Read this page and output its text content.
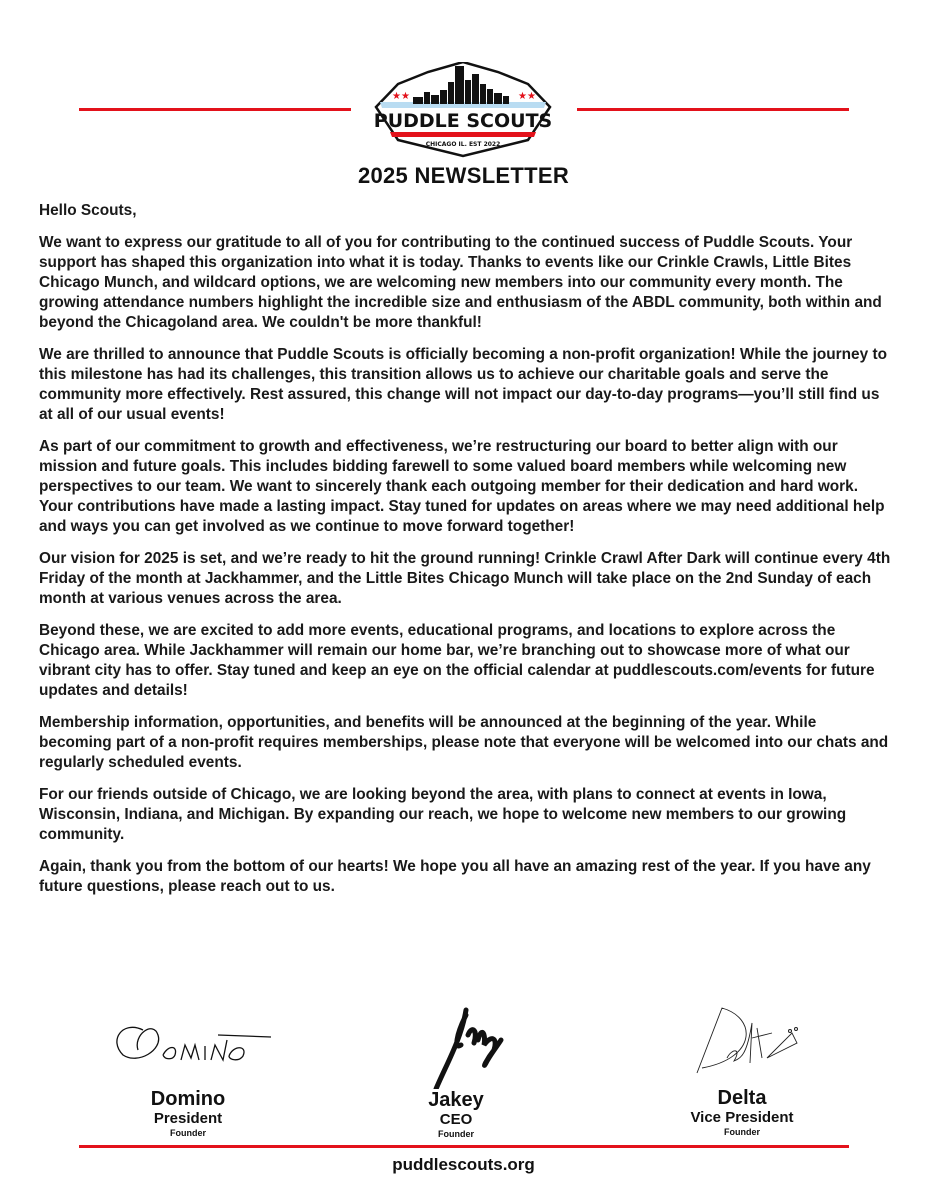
★★	★★
PUDDLE SCOUTS
CHICAGO IL. EST 2022
2025 NEWSLETTER

Hello Scouts,

We want to express our gratitude to all of you for contributing to the continued success of Puddle Scouts. Your support has shaped this organization into what it is today. Thanks to events like our Crinkle Crawls, Little Bites Chicago Munch, and wildcard options, we are welcoming new members into our community every month. The growing attendance numbers highlight the incredible size and enthusiasm of the ABDL community, both within and beyond the Chicagoland area. We couldn't be more thankful!

We are thrilled to announce that Puddle Scouts is officially becoming a non-profit organization! While the journey to this milestone has had its challenges, this transition allows us to achieve our charitable goals and serve the community more effectively. Rest assured, this change will not impact our day-to-day programs—you’ll still find us at all of our usual events!

As part of our commitment to growth and effectiveness, we’re restructuring our board to better align with our mission and future goals. This includes bidding farewell to some valued board members while welcoming new perspectives to our team. We want to sincerely thank each outgoing member for their dedication and hard work. Your contributions have made a lasting impact. Stay tuned for updates on areas where we may need additional help and ways you can get involved as we continue to move forward together!

Our vision for 2025 is set, and we’re ready to hit the ground running! Crinkle Crawl After Dark will continue every 4th Friday of the month at Jackhammer, and the Little Bites Chicago Munch will take place on the 2nd Sunday of each month at various venues across the area.

Beyond these, we are excited to add more events, educational programs, and locations to explore across the Chicago area. While Jackhammer will remain our home bar, we’re branching out to showcase more of what our vibrant city has to offer. Stay tuned and keep an eye on the official calendar at puddlescouts.com/events for future updates and details!

Membership information, opportunities, and benefits will be announced at the beginning of the year. While becoming part of a non-profit requires memberships, please note that everyone will be welcomed into our chats and regularly scheduled events.

For our friends outside of Chicago, we are looking beyond the area, with plans to connect at events in Iowa, Wisconsin, Indiana, and Michigan. By expanding our reach, we hope to welcome new members to our growing community.

Again, thank you from the bottom of our hearts! We hope you all have an amazing rest of the year. If you have any future questions, please reach out to us.

Domino
President
Founder
Jakey
CEO
Founder
Delta
Vice President
Founder
puddlescouts.org
